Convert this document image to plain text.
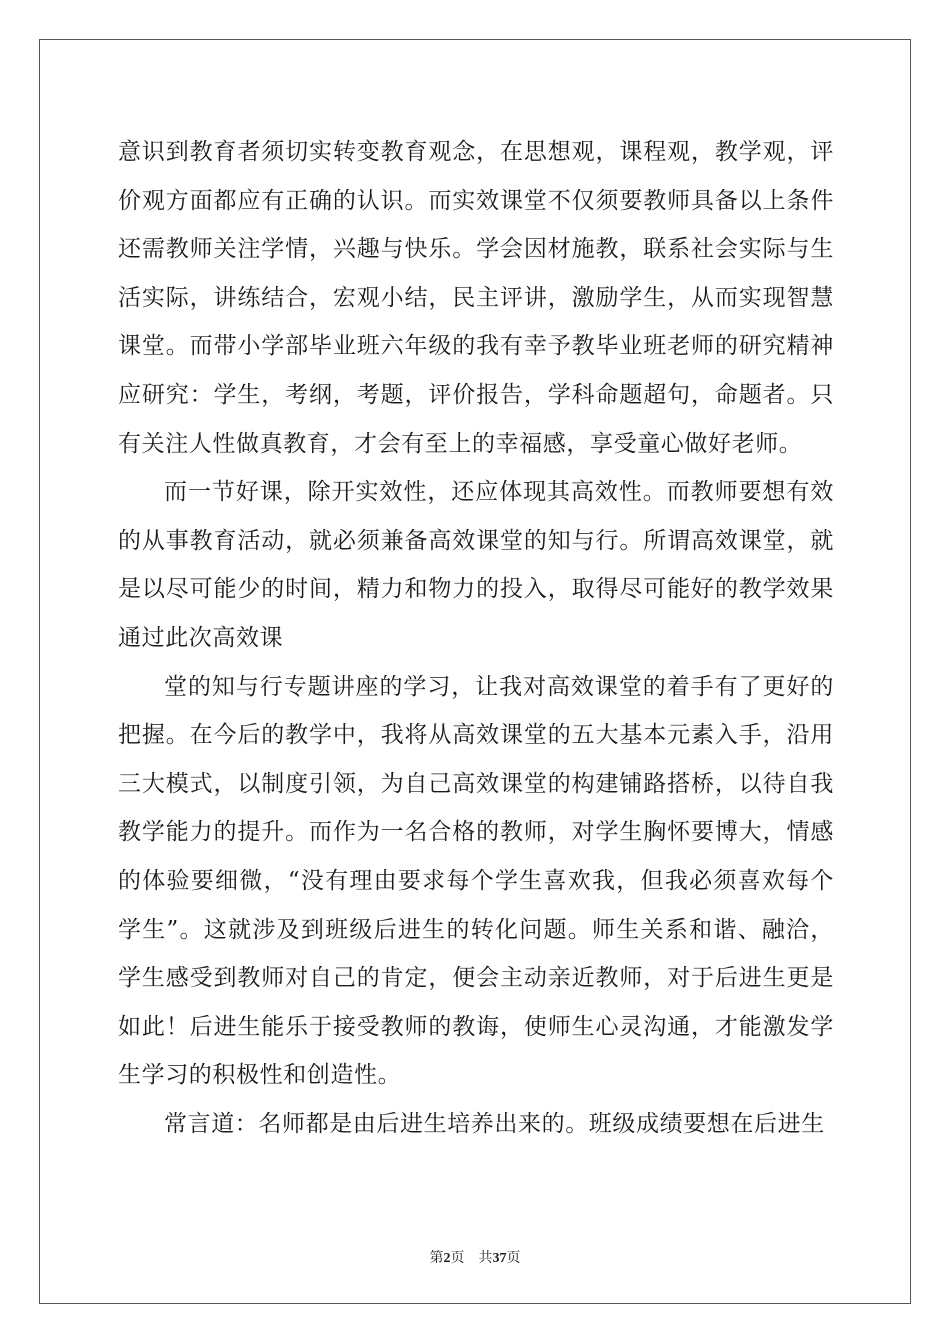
意识到教育者须切实转变教育观念，在思想观，课程观，教学观，评价观方面都应有正确的认识。而实效课堂不仅须要教师具备以上条件还需教师关注学情，兴趣与快乐。学会因材施教，联系社会实际与生活实际，讲练结合，宏观小结，民主评讲，激励学生，从而实现智慧课堂。而带小学部毕业班六年级的我有幸予教毕业班老师的研究精神应研究：学生，考纲，考题，评价报告，学科命题超句，命题者。只有关注人性做真教育，才会有至上的幸福感，享受童心做好老师。

而一节好课，除开实效性，还应体现其高效性。而教师要想有效的从事教育活动，就必须兼备高效课堂的知与行。所谓高效课堂，就是以尽可能少的时间，精力和物力的投入，取得尽可能好的教学效果通过此次高效课

堂的知与行专题讲座的学习，让我对高效课堂的着手有了更好的把握。在今后的教学中，我将从高效课堂的五大基本元素入手，沿用三大模式，以制度引领，为自己高效课堂的构建铺路搭桥，以待自我教学能力的提升。而作为一名合格的教师，对学生胸怀要博大，情感的体验要细微，“没有理由要求每个学生喜欢我，但我必须喜欢每个学生”。这就涉及到班级后进生的转化问题。师生关系和谐、融洽，学生感受到教师对自己的肯定，便会主动亲近教师，对于后进生更是如此！后进生能乐于接受教师的教诲，使师生心灵沟通，才能激发学生学习的积极性和创造性。

常言道：名师都是由后进生培养出来的。班级成绩要想在后进生

第2页 共37页
